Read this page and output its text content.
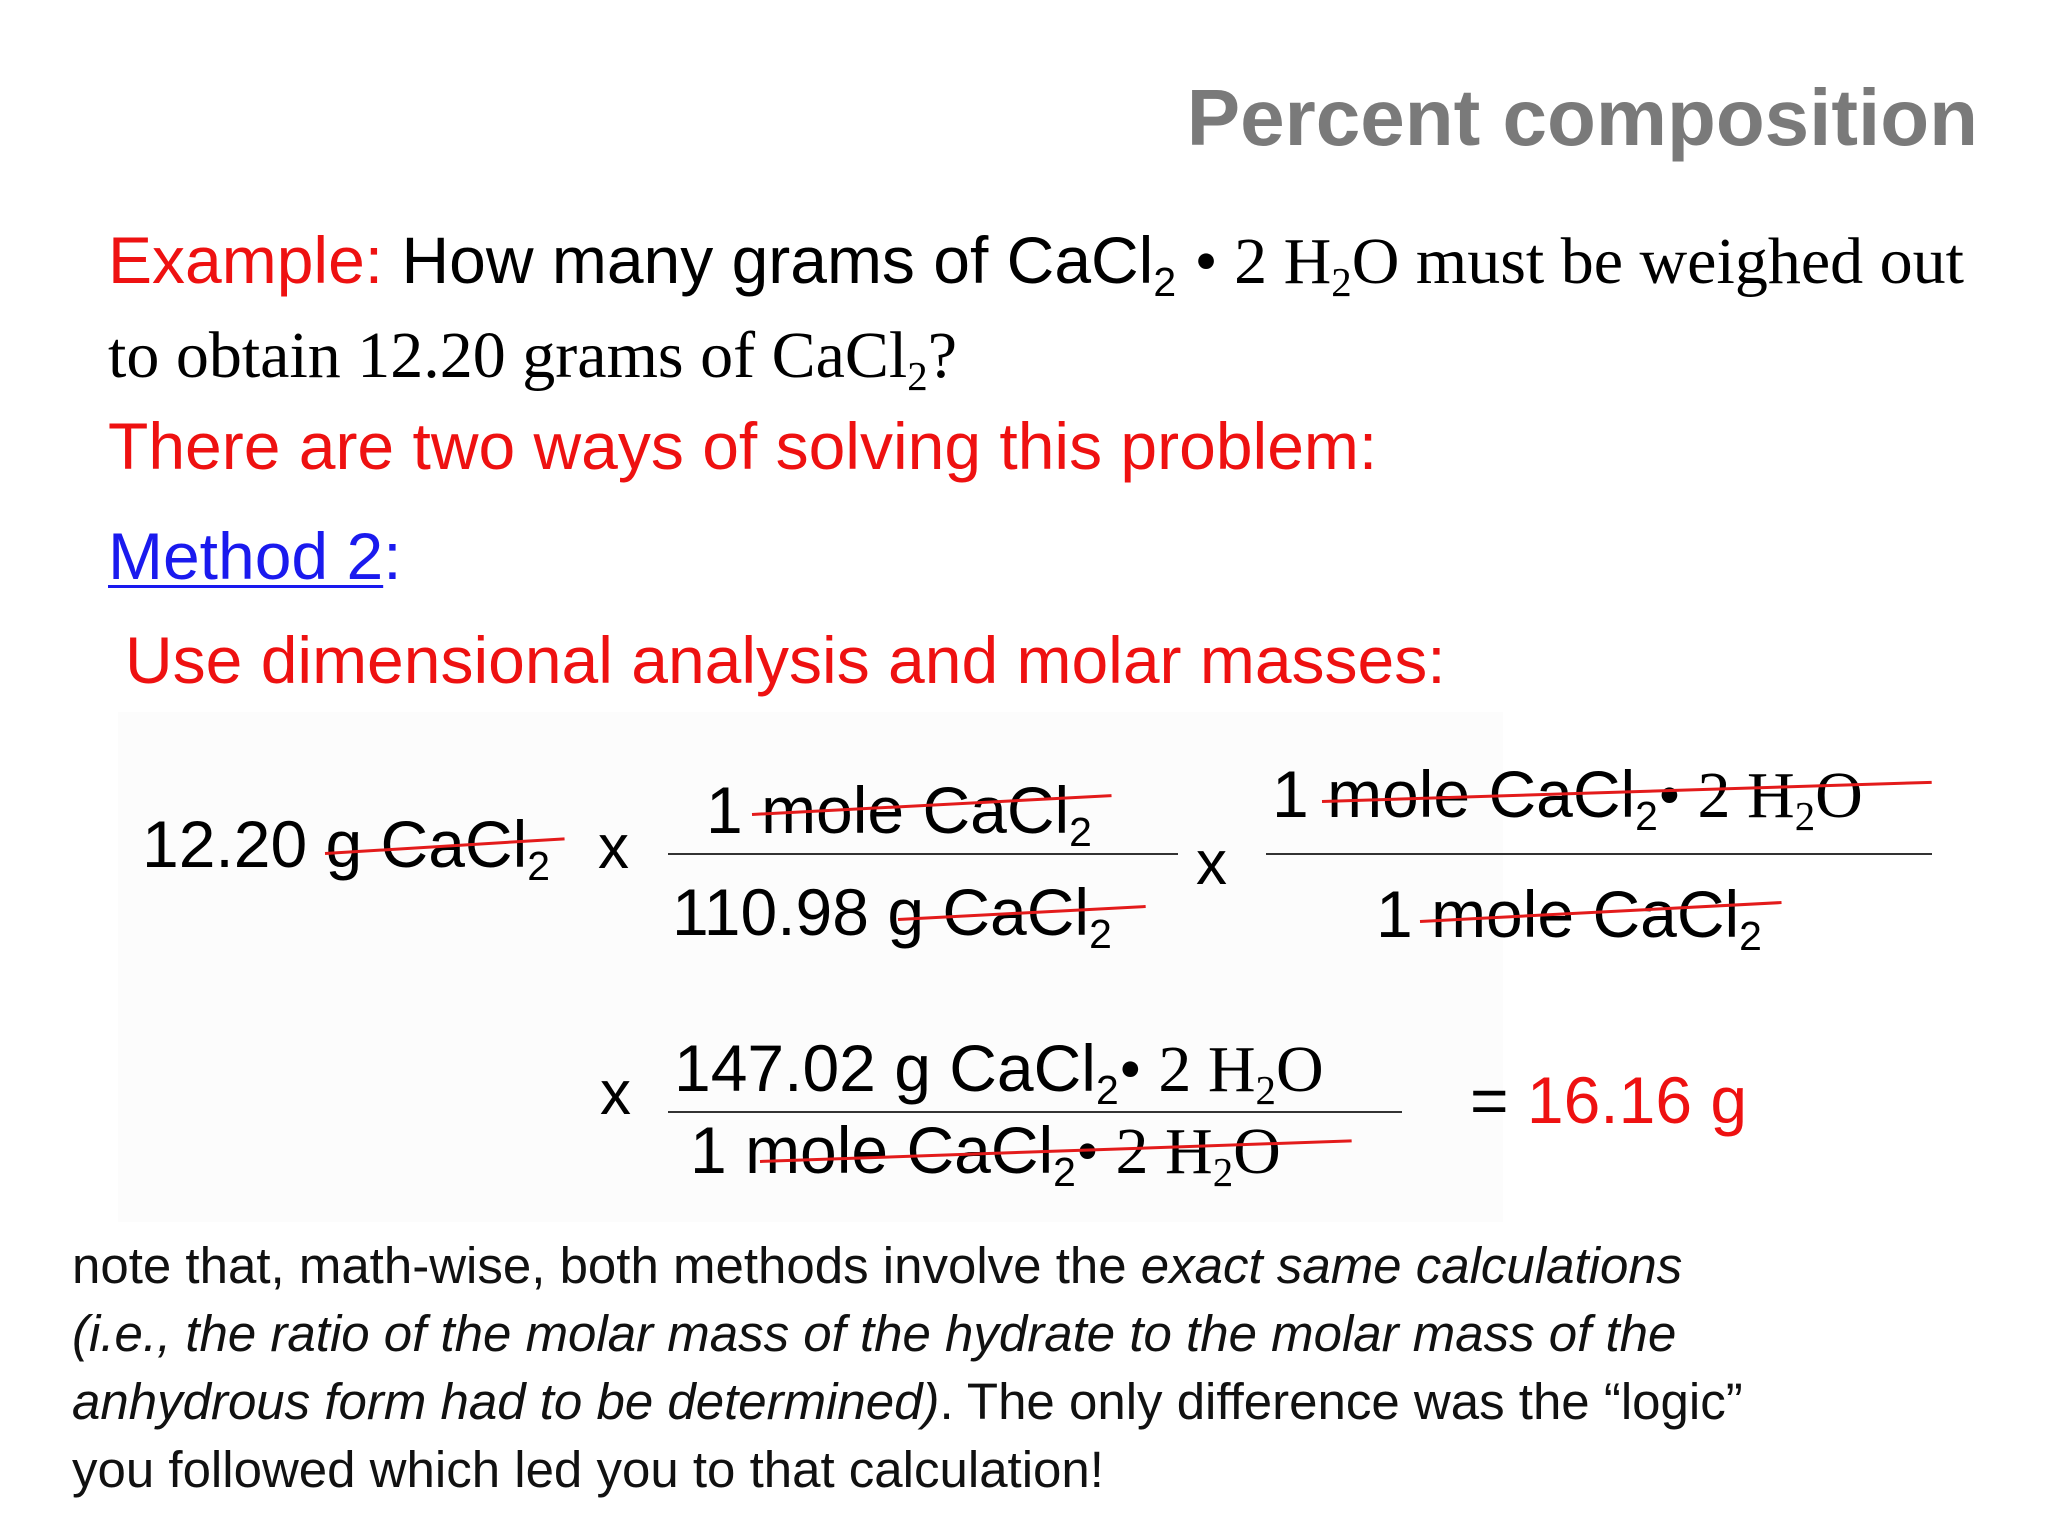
Percent composition
Example: How many grams of CaCl$_2$ • 2 $H_2O$ must be weighed out
to obtain 12.20 grams of CaCl$_2$?
There are two ways of solving this problem:
Method 2:
Use dimensional analysis and molar masses:
12.20 g CaCl$_2$ x
1 mole CaCl$_2$
110.98 g CaCl$_2$
x
1 mole CaCl$_2$• 2 $H_2O$
1 mole CaCl$_2$
x 147.02 g CaCl$_2$• 2 $H_2O$
1 mole CaCl$_2$• 2 $H_2O$
= 16.16 g

note that, math-wise, both methods involve the exact same calculations

(i.e., the ratio of the molar mass of the hydrate to the molar mass of the

anhydrous form had to be determined). The only difference was the “logic”

you followed which led you to that calculation!
